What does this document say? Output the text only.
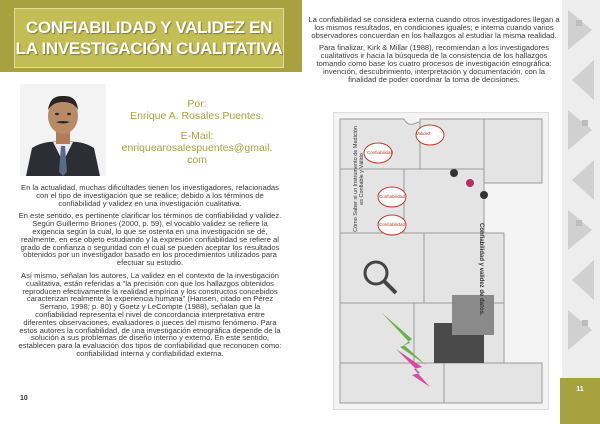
CONFIABILIDAD Y VALIDEZ EN LA INVESTIGACIÓN CUALITATIVA

Por:

Enrique A. Rosales Puentes.

E-Mail:

enriquearosalespuentes@gmail.

com

En la actualidad, muchas dificultades tienen los investigadores, relacionadas con el tipo de investigación que se realice; debido a los términos de confiabilidad y validez en una investigación cualitativa.

En este sentido, es pertinente clarificar los términos de confiabilidad y validez. Según Guillermo Briones (2000, p. 59), el vocablo validez se refiere la exigencia según la cual, lo que se ostenta en una investigación se dé, realmente, en ese objeto estudiando y la expresión confiabilidad se refiere al grado de confianza o seguridad con el cual se pueden aceptar los resultados obtenidos por un investigador basado en los procedimientos utilizados para efectuar su estudio.

Así mismo, señalan los autores, La validez en el contexto de la investigación cualitativa, están referidas a "la precisión con que los hallazgos obtenidos reproducen efectivamente la realidad empírica y los constructos concebidos caracterizan realmente la experiencia humana" (Hansen, citado en Pérez Serrano, 1998; p. 80) y Goetz y LeCompte (1988), señalan que la confiabilidad representa el nivel de concordancia interpretativa entre diferentes observaciones, evaluadores o jueces del mismo fenómeno. Para estos autores la confiabilidad, de una investigación etnográfica depende de la solución a sus problemas de diseño interno y externo. En este sentido, establecen para la evaluación dos tipos de confiabilidad que reconocen como: confiabilidad interna y confiabilidad externa.

10

La confiabilidad se considera externa cuando otros investigadores llegan a los mismos resultados, en condiciones iguales; e interna cuando varios observadores concuerdan en los hallazgos al estudiar la misma realidad.

Para finalizar, Kirk & Millar (1988), recomiendan a los investigadores cualitativos ir hacia la búsqueda de la consistencia de los hallazgos tomando como base los cuatro procesos de investigación etnográfica: invención, descubrimiento, interpretación y documentación, con la finalidad de poder coordinar la toma de decisiones.

Cómo Saber si un Instrumento de Medición es Confiable y Válido
Confiabilidad y validez de datos.
Validez
Confiabilidad
Confiabilidad
Confiabilidad
11
